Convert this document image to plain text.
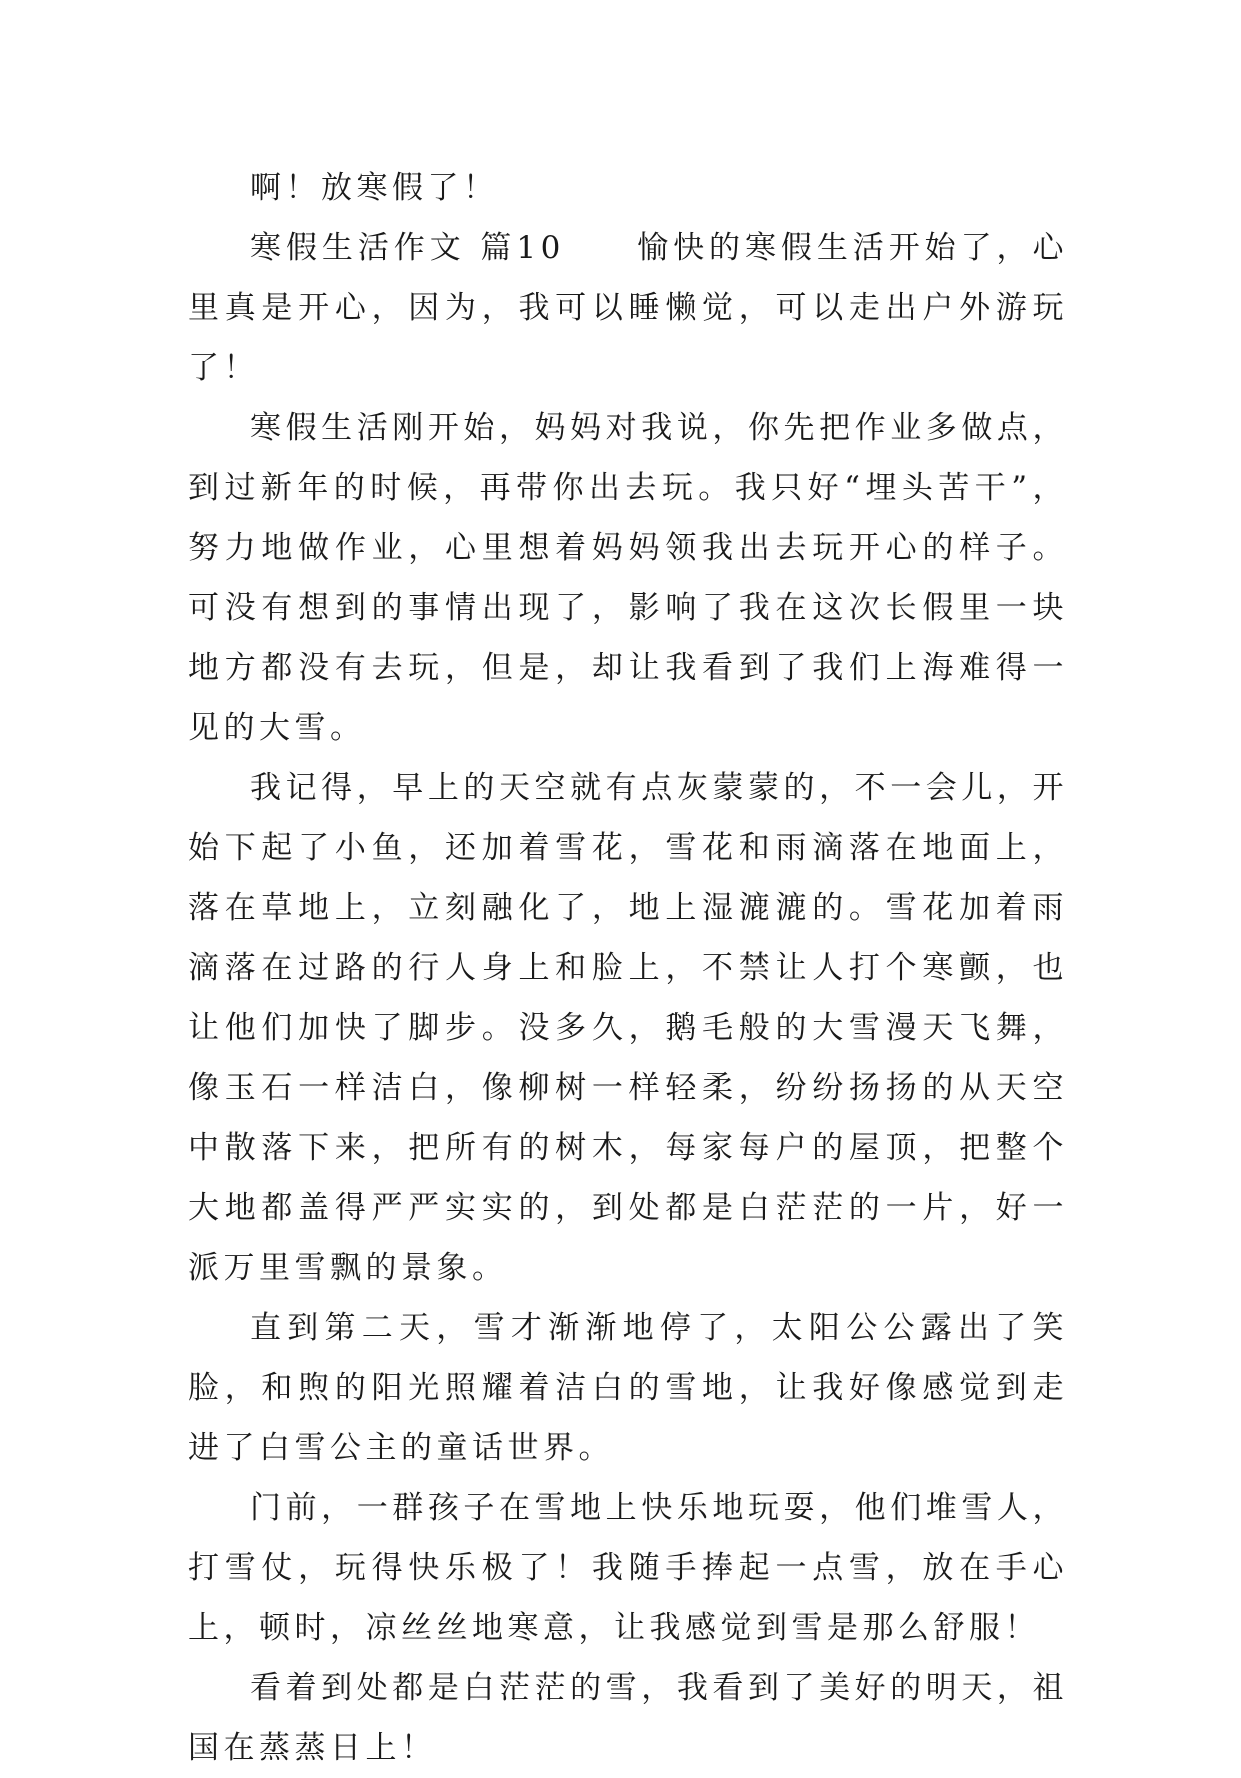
啊！放寒假了！

寒假生活作文 篇10　　愉快的寒假生活开始了，心里真是开心，因为，我可以睡懒觉，可以走出户外游玩了！

寒假生活刚开始，妈妈对我说，你先把作业多做点，到过新年的时候，再带你出去玩。我只好“埋头苦干”，努力地做作业，心里想着妈妈领我出去玩开心的样子。可没有想到的事情出现了，影响了我在这次长假里一块地方都没有去玩，但是，却让我看到了我们上海难得一见的大雪。

我记得，早上的天空就有点灰蒙蒙的，不一会儿，开始下起了小鱼，还加着雪花，雪花和雨滴落在地面上，落在草地上，立刻融化了，地上湿漉漉的。雪花加着雨滴落在过路的行人身上和脸上，不禁让人打个寒颤，也让他们加快了脚步。没多久，鹅毛般的大雪漫天飞舞，像玉石一样洁白，像柳树一样轻柔，纷纷扬扬的从天空中散落下来，把所有的树木，每家每户的屋顶，把整个大地都盖得严严实实的，到处都是白茫茫的一片，好一派万里雪飘的景象。

直到第二天，雪才渐渐地停了，太阳公公露出了笑脸，和煦的阳光照耀着洁白的雪地，让我好像感觉到走进了白雪公主的童话世界。

门前，一群孩子在雪地上快乐地玩耍，他们堆雪人，打雪仗，玩得快乐极了！我随手捧起一点雪，放在手心上，顿时，凉丝丝地寒意，让我感觉到雪是那么舒服！

看着到处都是白茫茫的雪，我看到了美好的明天，祖国在蒸蒸日上！
